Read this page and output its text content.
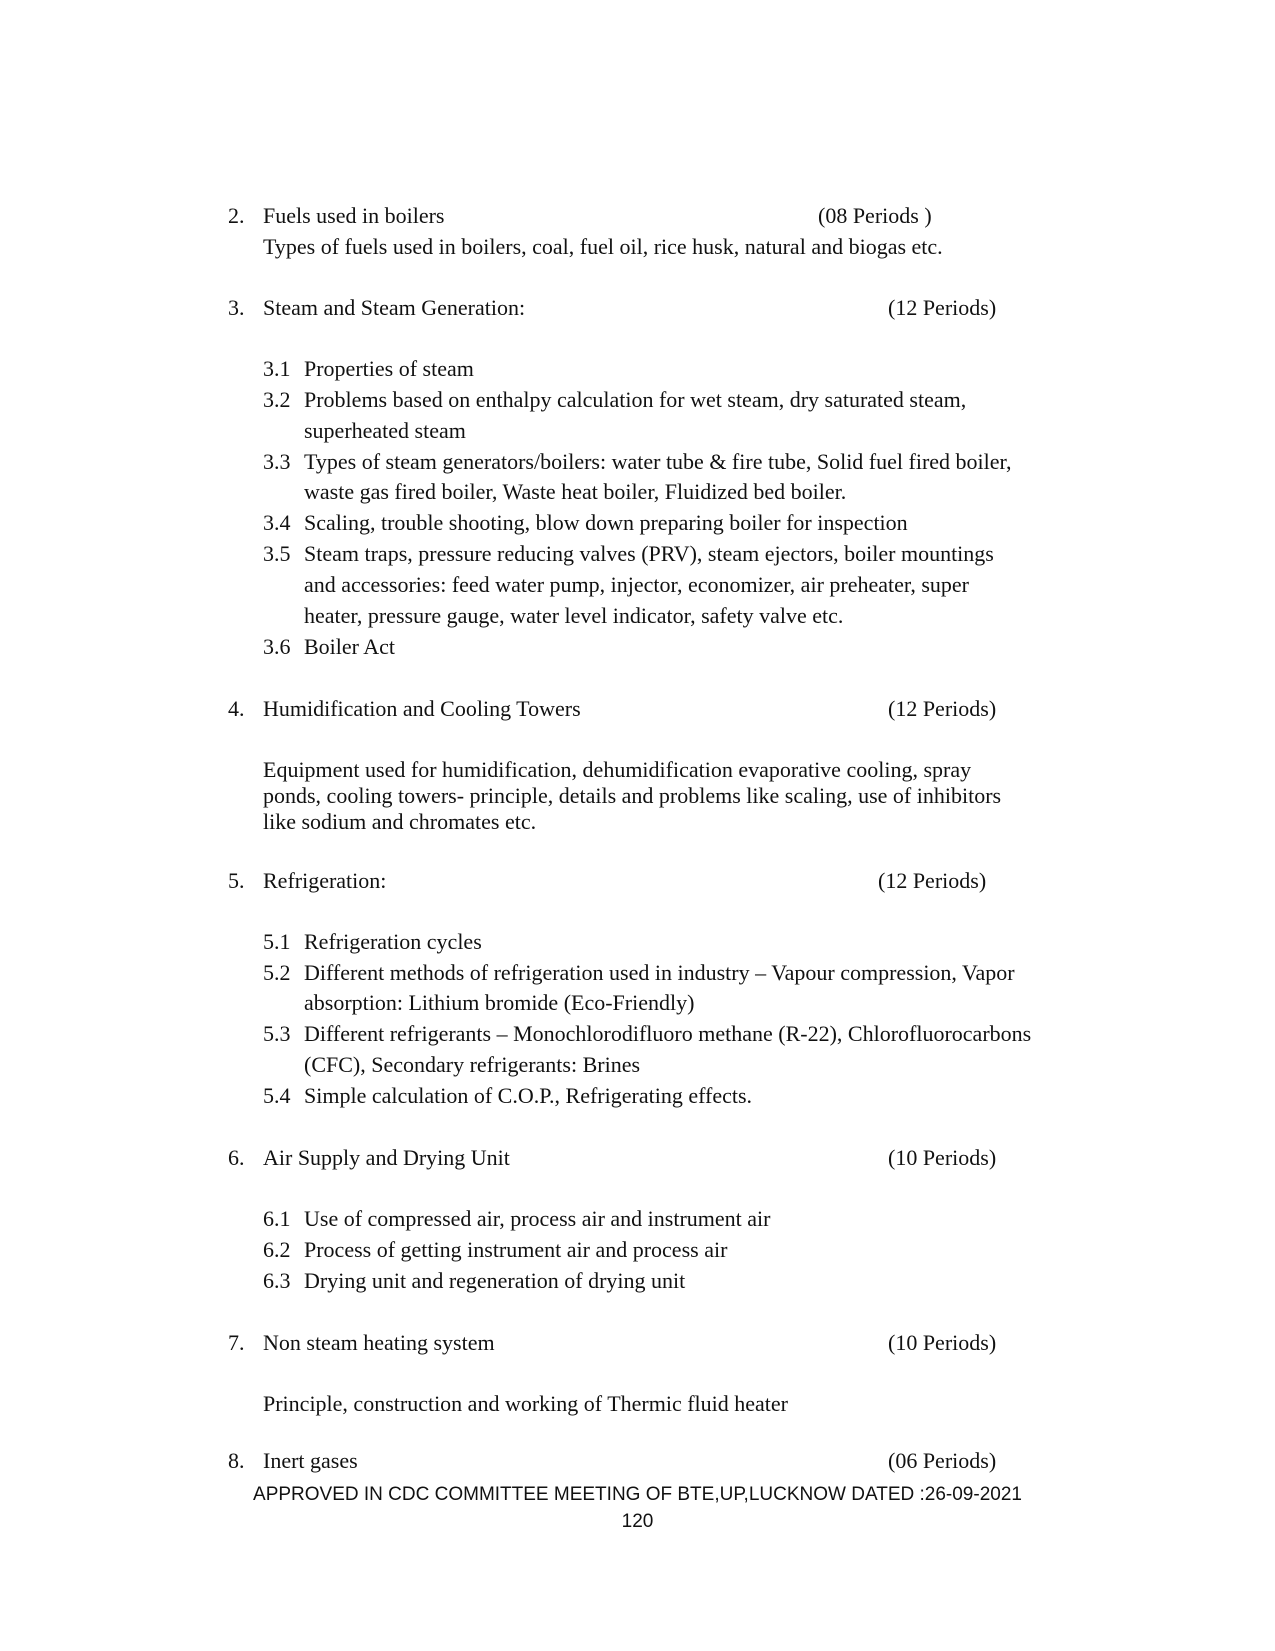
2. Fuels used in boilers	(08 Periods )
Types of fuels used in boilers, coal, fuel oil, rice husk, natural and biogas etc.
3. Steam and Steam Generation:	(12 Periods)
3.1 Properties of steam
3.2 Problems based on enthalpy calculation for wet steam, dry saturated steam,
superheated steam
3.3 Types of steam generators/boilers: water tube & fire tube, Solid fuel fired boiler,
waste gas fired boiler, Waste heat boiler, Fluidized bed boiler.
3.4 Scaling, trouble shooting, blow down preparing boiler for inspection
3.5 Steam traps, pressure reducing valves (PRV), steam ejectors, boiler mountings
and accessories: feed water pump, injector, economizer, air preheater, super
heater, pressure gauge, water level indicator, safety valve etc.
3.6 Boiler Act
4. Humidification and Cooling Towers	(12 Periods)
Equipment used for humidification, dehumidification evaporative cooling, spray
ponds, cooling towers- principle, details and problems like scaling, use of inhibitors
like sodium and chromates etc.
5. Refrigeration:	(12 Periods)
5.1 Refrigeration cycles
5.2 Different methods of refrigeration used in industry – Vapour compression, Vapor
absorption: Lithium bromide (Eco-Friendly)
5.3 Different refrigerants – Monochlorodifluoro methane (R-22), Chlorofluorocarbons
(CFC), Secondary refrigerants: Brines
5.4 Simple calculation of C.O.P., Refrigerating effects.
6. Air Supply and Drying Unit	(10 Periods)
6.1 Use of compressed air, process air and instrument air
6.2 Process of getting instrument air and process air
6.3 Drying unit and regeneration of drying unit
7. Non steam heating system	(10 Periods)
Principle, construction and working of Thermic fluid heater
8. Inert gases	(06 Periods)
APPROVED IN CDC COMMITTEE MEETING OF BTE,UP,LUCKNOW DATED :26-09-2021
120
